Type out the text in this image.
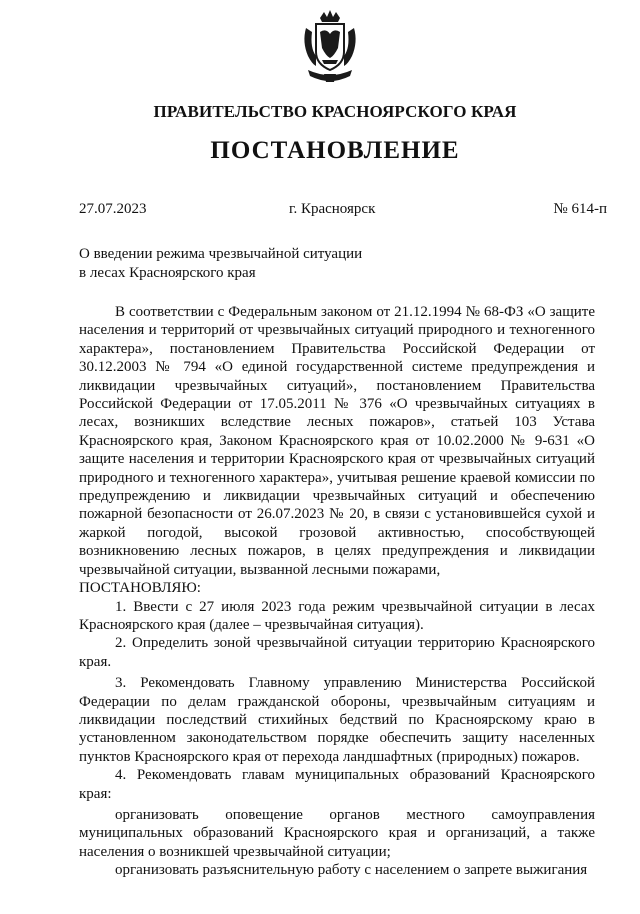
ПРАВИТЕЛЬСТВО КРАСНОЯРСКОГО КРАЯ
ПОСТАНОВЛЕНИЕ
27.07.2023	г. Красноярск	№ 614-п
О введении режима чрезвычайной ситуации
в лесах Красноярского края

В соответствии с Федеральным законом от 21.12.1994 № 68-ФЗ «О защите населения и территорий от чрезвычайных ситуаций природного и техногенного характера», постановлением Правительства Российской Федерации от 30.12.2003 № 794 «О единой государственной системе предупреждения и ликвидации чрезвычайных ситуаций», постановлением Правительства Российской Федерации от 17.05.2011 № 376 «О чрезвычайных ситуациях в лесах, возникших вследствие лесных пожаров», статьей 103 Устава Красноярского края, Законом Красноярского края от 10.02.2000 № 9-631 «О защите населения и территории Красноярского края от чрезвычайных ситуаций природного и техногенного характера», учитывая решение краевой комиссии по предупреждению и ликвидации чрезвычайных ситуаций и обеспечению пожарной безопасности от 26.07.2023 № 20, в связи с установившейся сухой и жаркой погодой, высокой грозовой активностью, способствующей возникновению лесных пожаров, в целях предупреждения и ликвидации чрезвычайной ситуации, вызванной лесными пожарами,

ПОСТАНОВЛЯЮ:

1. Ввести с 27 июля 2023 года режим чрезвычайной ситуации в лесах Красноярского края (далее – чрезвычайная ситуация).

2. Определить зоной чрезвычайной ситуации территорию Красноярского края.

3. Рекомендовать Главному управлению Министерства Российской Федерации по делам гражданской обороны, чрезвычайным ситуациям и ликвидации последствий стихийных бедствий по Красноярскому краю в установленном законодательством порядке обеспечить защиту населенных пунктов Красноярского края от перехода ландшафтных (природных) пожаров.

4. Рекомендовать главам муниципальных образований Красноярского края:

организовать оповещение органов местного самоуправления муниципальных образований Красноярского края и организаций, а также населения о возникшей чрезвычайной ситуации;

организовать разъяснительную работу с населением о запрете выжигания
